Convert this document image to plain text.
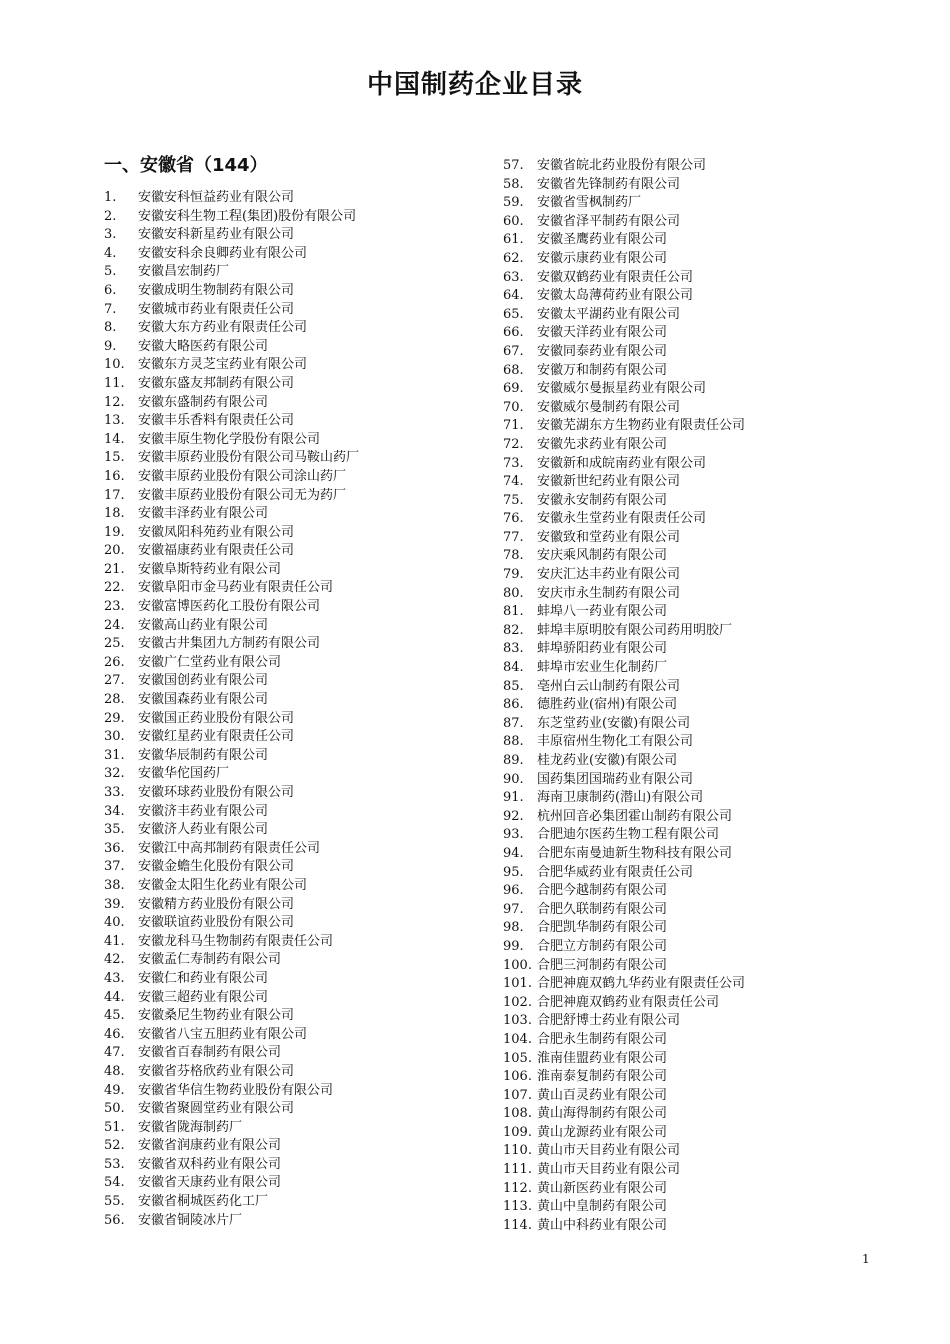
中国制药企业目录
一、安徽省（144）
1.	安徽安科恒益药业有限公司
2.	安徽安科生物工程(集团)股份有限公司
3.	安徽安科新星药业有限公司
4.	安徽安科余良卿药业有限公司
5.	安徽昌宏制药厂
6.	安徽成明生物制药有限公司
7.	安徽城市药业有限责任公司
8.	安徽大东方药业有限责任公司
9.	安徽大略医药有限公司
10.	安徽东方灵芝宝药业有限公司
11.	安徽东盛友邦制药有限公司
12.	安徽东盛制药有限公司
13.	安徽丰乐香料有限责任公司
14.	安徽丰原生物化学股份有限公司
15.	安徽丰原药业股份有限公司马鞍山药厂
16.	安徽丰原药业股份有限公司涂山药厂
17.	安徽丰原药业股份有限公司无为药厂
18.	安徽丰泽药业有限公司
19.	安徽凤阳科苑药业有限公司
20.	安徽福康药业有限责任公司
21.	安徽阜斯特药业有限公司
22.	安徽阜阳市金马药业有限责任公司
23.	安徽富博医药化工股份有限公司
24.	安徽高山药业有限公司
25.	安徽古井集团九方制药有限公司
26.	安徽广仁堂药业有限公司
27.	安徽国创药业有限公司
28.	安徽国森药业有限公司
29.	安徽国正药业股份有限公司
30.	安徽红星药业有限责任公司
31.	安徽华辰制药有限公司
32.	安徽华佗国药厂
33.	安徽环球药业股份有限公司
34.	安徽济丰药业有限公司
35.	安徽济人药业有限公司
36.	安徽江中高邦制药有限责任公司
37.	安徽金蟾生化股份有限公司
38.	安徽金太阳生化药业有限公司
39.	安徽精方药业股份有限公司
40.	安徽联谊药业股份有限公司
41.	安徽龙科马生物制药有限责任公司
42.	安徽孟仁寿制药有限公司
43.	安徽仁和药业有限公司
44.	安徽三超药业有限公司
45.	安徽桑尼生物药业有限公司
46.	安徽省八宝五胆药业有限公司
47.	安徽省百春制药有限公司
48.	安徽省芬格欣药业有限公司
49.	安徽省华信生物药业股份有限公司
50.	安徽省聚圆堂药业有限公司
51.	安徽省陇海制药厂
52.	安徽省润康药业有限公司
53.	安徽省双科药业有限公司
54.	安徽省天康药业有限公司
55.	安徽省桐城医药化工厂
56.	安徽省铜陵冰片厂
57.	安徽省皖北药业股份有限公司
58.	安徽省先锋制药有限公司
59.	安徽省雪枫制药厂
60.	安徽省泽平制药有限公司
61.	安徽圣鹰药业有限公司
62.	安徽示康药业有限公司
63.	安徽双鹤药业有限责任公司
64.	安徽太岛薄荷药业有限公司
65.	安徽太平湖药业有限公司
66.	安徽天洋药业有限公司
67.	安徽同泰药业有限公司
68.	安徽万和制药有限公司
69.	安徽威尔曼振星药业有限公司
70.	安徽威尔曼制药有限公司
71.	安徽芜湖东方生物药业有限责任公司
72.	安徽先求药业有限公司
73.	安徽新和成皖南药业有限公司
74.	安徽新世纪药业有限公司
75.	安徽永安制药有限公司
76.	安徽永生堂药业有限责任公司
77.	安徽致和堂药业有限公司
78.	安庆乘风制药有限公司
79.	安庆汇达丰药业有限公司
80.	安庆市永生制药有限公司
81.	蚌埠八一药业有限公司
82.	蚌埠丰原明胶有限公司药用明胶厂
83.	蚌埠骄阳药业有限公司
84.	蚌埠市宏业生化制药厂
85.	亳州白云山制药有限公司
86.	德胜药业(宿州)有限公司
87.	东芝堂药业(安徽)有限公司
88.	丰原宿州生物化工有限公司
89.	桂龙药业(安徽)有限公司
90.	国药集团国瑞药业有限公司
91.	海南卫康制药(潜山)有限公司
92.	杭州回音必集团霍山制药有限公司
93.	合肥迪尔医药生物工程有限公司
94.	合肥东南曼迪新生物科技有限公司
95.	合肥华威药业有限责任公司
96.	合肥今越制药有限公司
97.	合肥久联制药有限公司
98.	合肥凯华制药有限公司
99.	合肥立方制药有限公司
100. 合肥三河制药有限公司
101. 合肥神鹿双鹤九华药业有限责任公司
102. 合肥神鹿双鹤药业有限责任公司
103. 合肥舒博士药业有限公司
104. 合肥永生制药有限公司
105. 淮南佳盟药业有限公司
106. 淮南泰复制药有限公司
107. 黄山百灵药业有限公司
108. 黄山海得制药有限公司
109. 黄山龙源药业有限公司
110. 黄山市天目药业有限公司
111. 黄山市天目药业有限公司
112. 黄山新医药业有限公司
113. 黄山中皇制药有限公司
114. 黄山中科药业有限公司
1
